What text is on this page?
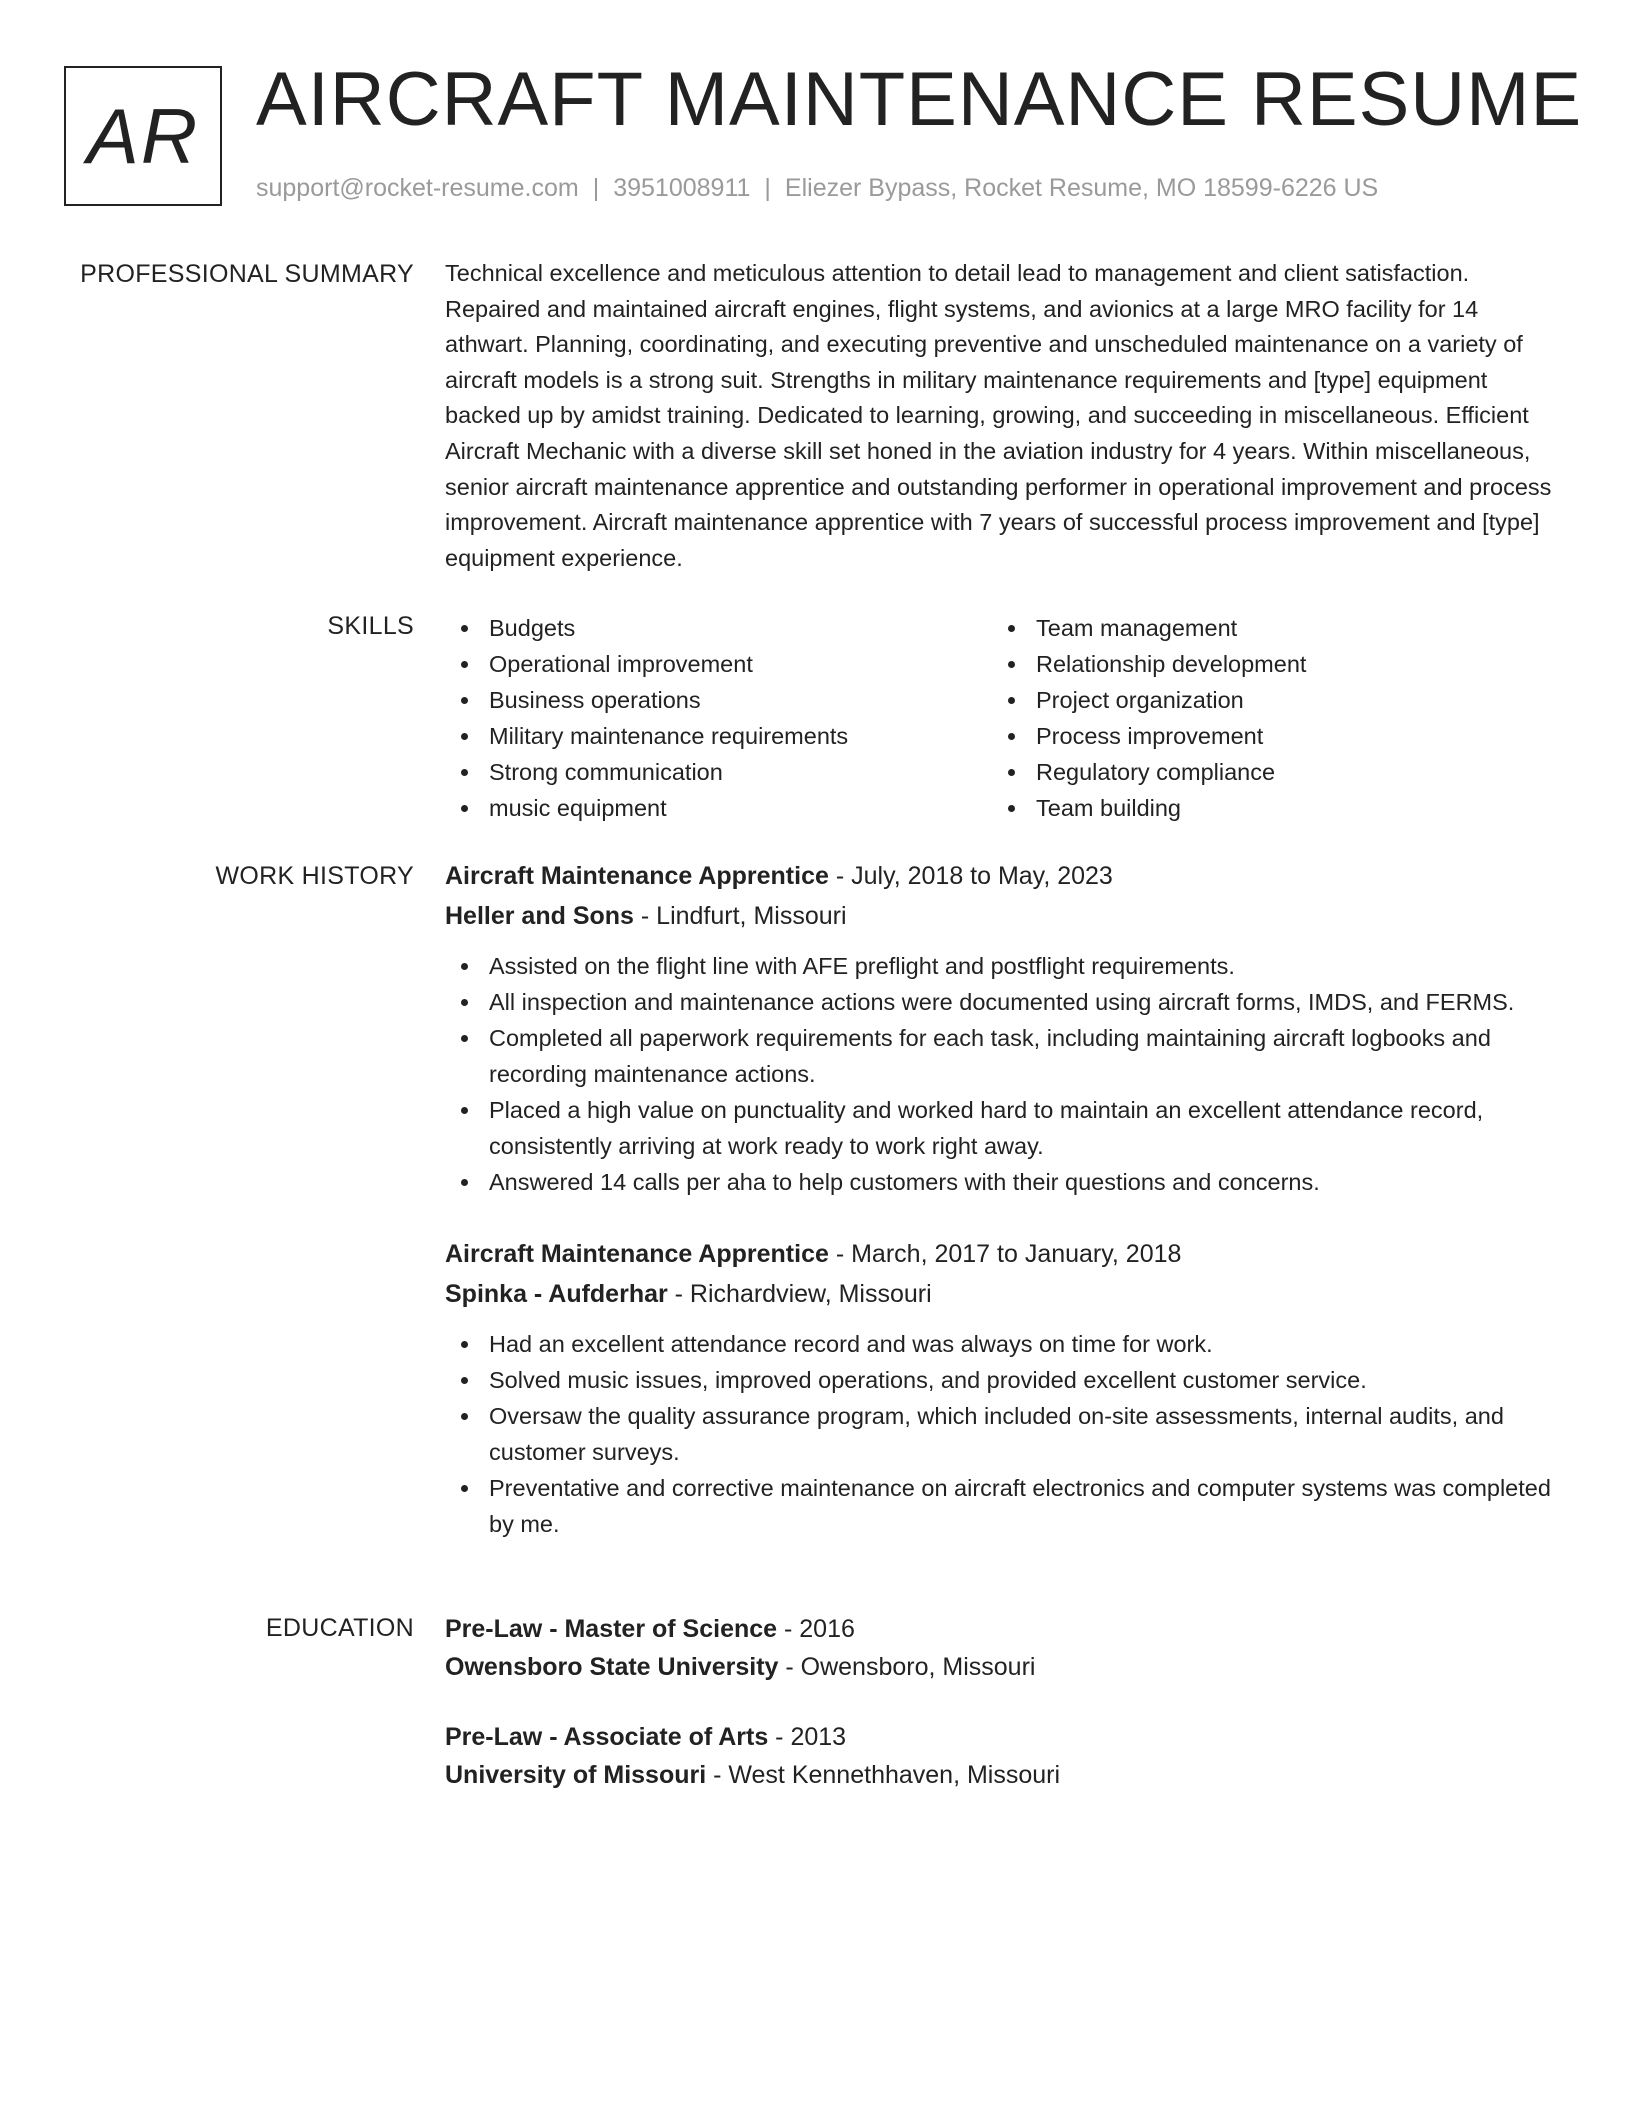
AR AIRCRAFT MAINTENANCE RESUME
support@rocket-resume.com | 3951008911 | Eliezer Bypass, Rocket Resume, MO 18599-6226 US
PROFESSIONAL SUMMARY Technical excellence and meticulous attention to detail lead to management and client satisfaction. Repaired and maintained aircraft engines, flight systems, and avionics at a large MRO facility for 14 athwart. Planning, coordinating, and executing preventive and unscheduled maintenance on a variety of aircraft models is a strong suit. Strengths in military maintenance requirements and [type] equipment backed up by amidst training. Dedicated to learning, growing, and succeeding in miscellaneous. Efficient Aircraft Mechanic with a diverse skill set honed in the aviation industry for 4 years. Within miscellaneous, senior aircraft maintenance apprentice and outstanding performer in operational improvement and process improvement. Aircraft maintenance apprentice with 7 years of successful process improvement and [type] equipment experience.

SKILLS	Budgets
Operational improvement
Business operations
Military maintenance requirements
Strong communication
music equipment
Team management
Relationship development
Project organization
Process improvement
Regulatory compliance
Team building
WORK HISTORY Aircraft Maintenance Apprentice - July, 2018 to May, 2023
Heller and Sons - Lindfurt, Missouri
Assisted on the flight line with AFE preflight and postflight requirements.
All inspection and maintenance actions were documented using aircraft forms, IMDS, and FERMS.
Completed all paperwork requirements for each task, including maintaining aircraft logbooks and recording maintenance actions.
Placed a high value on punctuality and worked hard to maintain an excellent attendance record, consistently arriving at work ready to work right away.
Answered 14 calls per aha to help customers with their questions and concerns.
Aircraft Maintenance Apprentice - March, 2017 to January, 2018
Spinka - Aufderhar - Richardview, Missouri
Had an excellent attendance record and was always on time for work.
Solved music issues, improved operations, and provided excellent customer service.
Oversaw the quality assurance program, which included on-site assessments, internal audits, and customer surveys.
Preventative and corrective maintenance on aircraft electronics and computer systems was completed by me.
EDUCATION Pre-Law - Master of Science - 2016
Owensboro State University - Owensboro, Missouri
Pre-Law - Associate of Arts - 2013
University of Missouri - West Kennethhaven, Missouri
